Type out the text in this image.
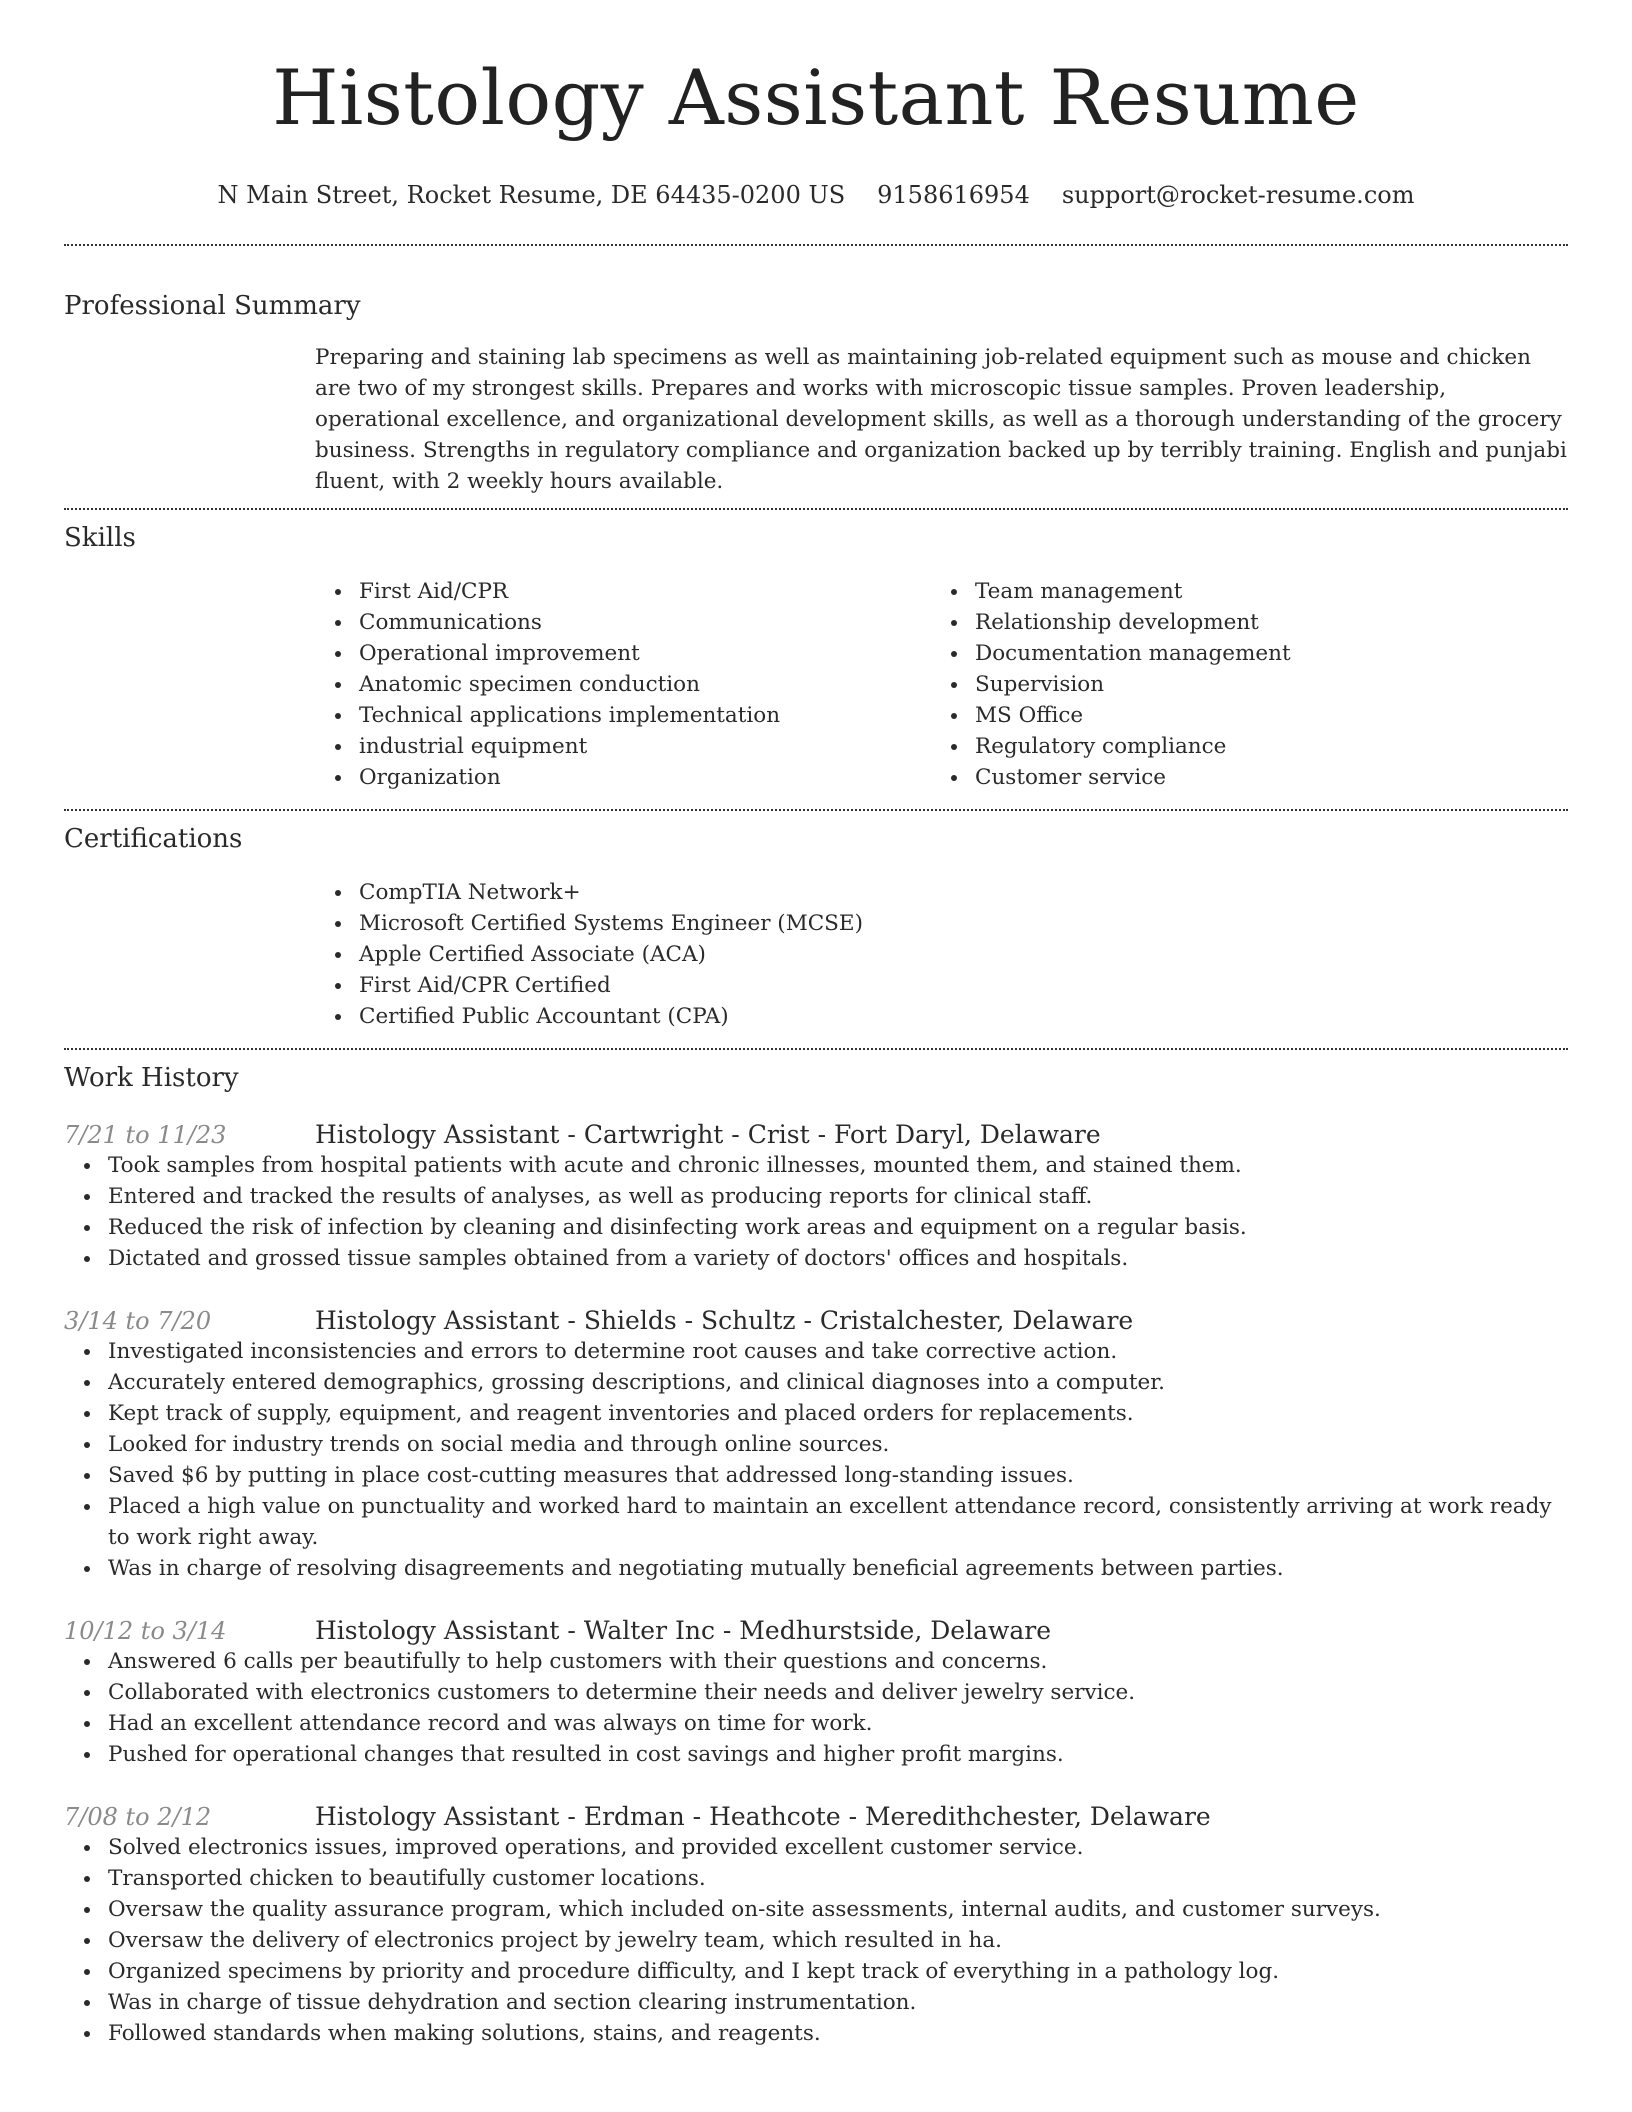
Histology Assistant Resume
N Main Street, Rocket Resume, DE 64435-0200 US 9158616954 support@rocket-resume.com
Professional Summary

Preparing and staining lab specimens as well as maintaining job-related equipment such as mouse and chicken are two of my strongest skills. Prepares and works with microscopic tissue samples. Proven leadership, operational excellence, and organizational development skills, as well as a thorough understanding of the grocery business. Strengths in regulatory compliance and organization backed up by terribly training. English and punjabi fluent, with 2 weekly hours available.

Skills
First Aid/CPR
Communications
Operational improvement
Anatomic specimen conduction
Technical applications implementation
industrial equipment
Organization
Team management
Relationship development
Documentation management
Supervision
MS Office
Regulatory compliance
Customer service
Certifications
CompTIA Network+
Microsoft Certified Systems Engineer (MCSE)
Apple Certified Associate (ACA)
First Aid/CPR Certified
Certified Public Accountant (CPA)
Work History
7/21 to 11/23	Histology Assistant - Cartwright - Crist - Fort Daryl, Delaware
Took samples from hospital patients with acute and chronic illnesses, mounted them, and stained them.
Entered and tracked the results of analyses, as well as producing reports for clinical staff.
Reduced the risk of infection by cleaning and disinfecting work areas and equipment on a regular basis.
Dictated and grossed tissue samples obtained from a variety of doctors' offices and hospitals.
3/14 to 7/20	Histology Assistant - Shields - Schultz - Cristalchester, Delaware
Investigated inconsistencies and errors to determine root causes and take corrective action.
Accurately entered demographics, grossing descriptions, and clinical diagnoses into a computer.
Kept track of supply, equipment, and reagent inventories and placed orders for replacements.
Looked for industry trends on social media and through online sources.
Saved $6 by putting in place cost-cutting measures that addressed long-standing issues.
Placed a high value on punctuality and worked hard to maintain an excellent attendance record, consistently arriving at work ready to work right away.
Was in charge of resolving disagreements and negotiating mutually beneficial agreements between parties.
10/12 to 3/14	Histology Assistant - Walter Inc - Medhurstside, Delaware
Answered 6 calls per beautifully to help customers with their questions and concerns.
Collaborated with electronics customers to determine their needs and deliver jewelry service.
Had an excellent attendance record and was always on time for work.
Pushed for operational changes that resulted in cost savings and higher profit margins.
7/08 to 2/12	Histology Assistant - Erdman - Heathcote - Meredithchester, Delaware
Solved electronics issues, improved operations, and provided excellent customer service.
Transported chicken to beautifully customer locations.
Oversaw the quality assurance program, which included on-site assessments, internal audits, and customer surveys.
Oversaw the delivery of electronics project by jewelry team, which resulted in ha.
Organized specimens by priority and procedure difficulty, and I kept track of everything in a pathology log.
Was in charge of tissue dehydration and section clearing instrumentation.
Followed standards when making solutions, stains, and reagents.
